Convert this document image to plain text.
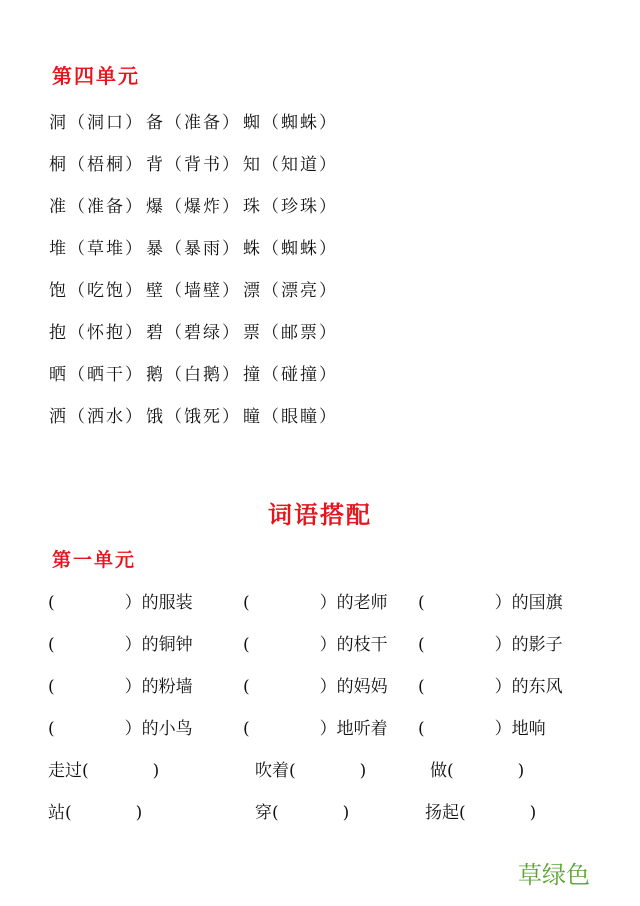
第四单元
洞（洞口） 备（准备） 蜘（蜘蛛）
桐（梧桐） 背（背书） 知（知道）
准（准备） 爆（爆炸） 珠（珍珠）
堆（草堆） 暴（暴雨） 蛛（蜘蛛）
饱（吃饱） 壁（墙壁） 漂（漂亮）
抱（怀抱） 碧（碧绿） 票（邮票）
晒（晒干） 鹅（白鹅） 撞（碰撞）
洒（洒水） 饿（饿死） 瞳（眼瞳）
词语搭配
第一单元
(	）的服装	(	）的老师 (	）的国旗
(	）的铜钟	(	）的枝干 (	）的影子
(	）的粉墙	(	）的妈妈 (	）的东风
(	）的小鸟	(	）地听着 (	）地响
走过(	)	吹着(	)	做(	)
站(	)	穿(	)	扬起(	)
草绿色
